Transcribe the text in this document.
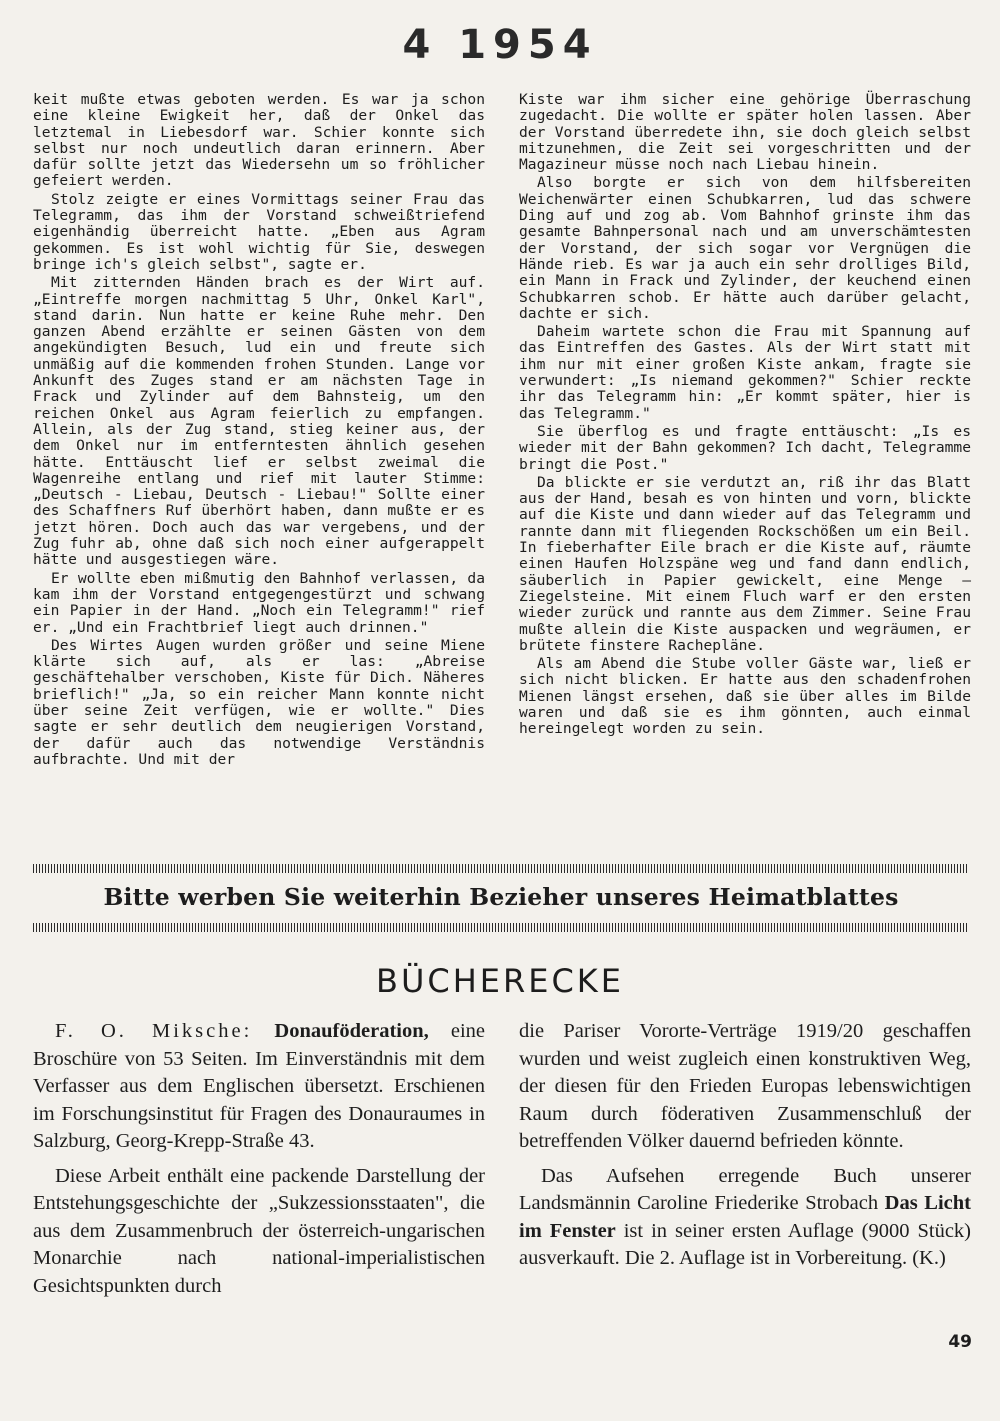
4 1954

keit mußte etwas geboten werden. Es war ja schon eine kleine Ewigkeit her, daß der Onkel das letztemal in Liebesdorf war. Schier konnte sich selbst nur noch undeutlich daran erinnern. Aber dafür sollte jetzt das Wiedersehn um so fröhlicher gefeiert werden.

Stolz zeigte er eines Vormittags seiner Frau das Telegramm, das ihm der Vorstand schweißtriefend eigenhändig überreicht hatte. „Eben aus Agram gekommen. Es ist wohl wichtig für Sie, deswegen bringe ich's gleich selbst", sagte er.

Mit zitternden Händen brach es der Wirt auf. „Eintreffe morgen nachmittag 5 Uhr, Onkel Karl", stand darin. Nun hatte er keine Ruhe mehr. Den ganzen Abend erzählte er seinen Gästen von dem angekündigten Besuch, lud ein und freute sich unmäßig auf die kommenden frohen Stunden. Lange vor Ankunft des Zuges stand er am nächsten Tage in Frack und Zylinder auf dem Bahnsteig, um den reichen Onkel aus Agram feierlich zu empfangen. Allein, als der Zug stand, stieg keiner aus, der dem Onkel nur im entferntesten ähnlich gesehen hätte. Enttäuscht lief er selbst zweimal die Wagenreihe entlang und rief mit lauter Stimme: „Deutsch - Liebau, Deutsch - Liebau!" Sollte einer des Schaffners Ruf überhört haben, dann mußte er es jetzt hören. Doch auch das war vergebens, und der Zug fuhr ab, ohne daß sich noch einer aufgerappelt hätte und ausgestiegen wäre.

Er wollte eben mißmutig den Bahnhof verlassen, da kam ihm der Vorstand entgegengestürzt und schwang ein Papier in der Hand. „Noch ein Telegramm!" rief er. „Und ein Frachtbrief liegt auch drinnen."

Des Wirtes Augen wurden größer und seine Miene klärte sich auf, als er las: „Abreise geschäftehalber verschoben, Kiste für Dich. Näheres brieflich!" „Ja, so ein reicher Mann konnte nicht über seine Zeit verfügen, wie er wollte." Dies sagte er sehr deutlich dem neugierigen Vorstand, der dafür auch das notwendige Verständnis aufbrachte. Und mit der

Kiste war ihm sicher eine gehörige Überraschung zugedacht. Die wollte er später holen lassen. Aber der Vorstand überredete ihn, sie doch gleich selbst mitzunehmen, die Zeit sei vorgeschritten und der Magazineur müsse noch nach Liebau hinein.

Also borgte er sich von dem hilfsbereiten Weichenwärter einen Schubkarren, lud das schwere Ding auf und zog ab. Vom Bahnhof grinste ihm das gesamte Bahnpersonal nach und am unverschämtesten der Vorstand, der sich sogar vor Vergnügen die Hände rieb. Es war ja auch ein sehr drolliges Bild, ein Mann in Frack und Zylinder, der keuchend einen Schubkarren schob. Er hätte auch darüber gelacht, dachte er sich.

Daheim wartete schon die Frau mit Spannung auf das Eintreffen des Gastes. Als der Wirt statt mit ihm nur mit einer großen Kiste ankam, fragte sie verwundert: „Is niemand gekommen?" Schier reckte ihr das Telegramm hin: „Er kommt später, hier is das Telegramm."

Sie überflog es und fragte enttäuscht: „Is es wieder mit der Bahn gekommen? Ich dacht, Telegramme bringt die Post."

Da blickte er sie verdutzt an, riß ihr das Blatt aus der Hand, besah es von hinten und vorn, blickte auf die Kiste und dann wieder auf das Telegramm und rannte dann mit fliegenden Rockschößen um ein Beil. In fieberhafter Eile brach er die Kiste auf, räumte einen Haufen Holzspäne weg und fand dann endlich, säuberlich in Papier gewickelt, eine Menge — Ziegelsteine. Mit einem Fluch warf er den ersten wieder zurück und rannte aus dem Zimmer. Seine Frau mußte allein die Kiste auspacken und wegräumen, er brütete finstere Rachepläne.

Als am Abend die Stube voller Gäste war, ließ er sich nicht blicken. Er hatte aus den schadenfrohen Mienen längst ersehen, daß sie über alles im Bilde waren und daß sie es ihm gönnten, auch einmal hereingelegt worden zu sein.

Bitte werben Sie weiterhin Bezieher unseres Heimatblattes
BÜCHERECKE

F. O. Miksche: Donauföderation, eine Broschüre von 53 Seiten. Im Einverständnis mit dem Verfasser aus dem Englischen übersetzt. Erschienen im Forschungsinstitut für Fragen des Donauraumes in Salzburg, Georg-Krepp-Straße 43.

Diese Arbeit enthält eine packende Darstellung der Entstehungsgeschichte der „Sukzessionsstaaten", die aus dem Zusammenbruch der österreich-ungarischen Monarchie nach national-imperialistischen Gesichtspunkten durch

die Pariser Vororte-Verträge 1919/20 geschaffen wurden und weist zugleich einen konstruktiven Weg, der diesen für den Frieden Europas lebenswichtigen Raum durch föderativen Zusammenschluß der betreffenden Völker dauernd befrieden könnte.

Das Aufsehen erregende Buch unserer Landsmännin Caroline Friederike Strobach Das Licht im Fenster ist in seiner ersten Auflage (9000 Stück) ausverkauft. Die 2. Auflage ist in Vorbereitung. (K.)

49
